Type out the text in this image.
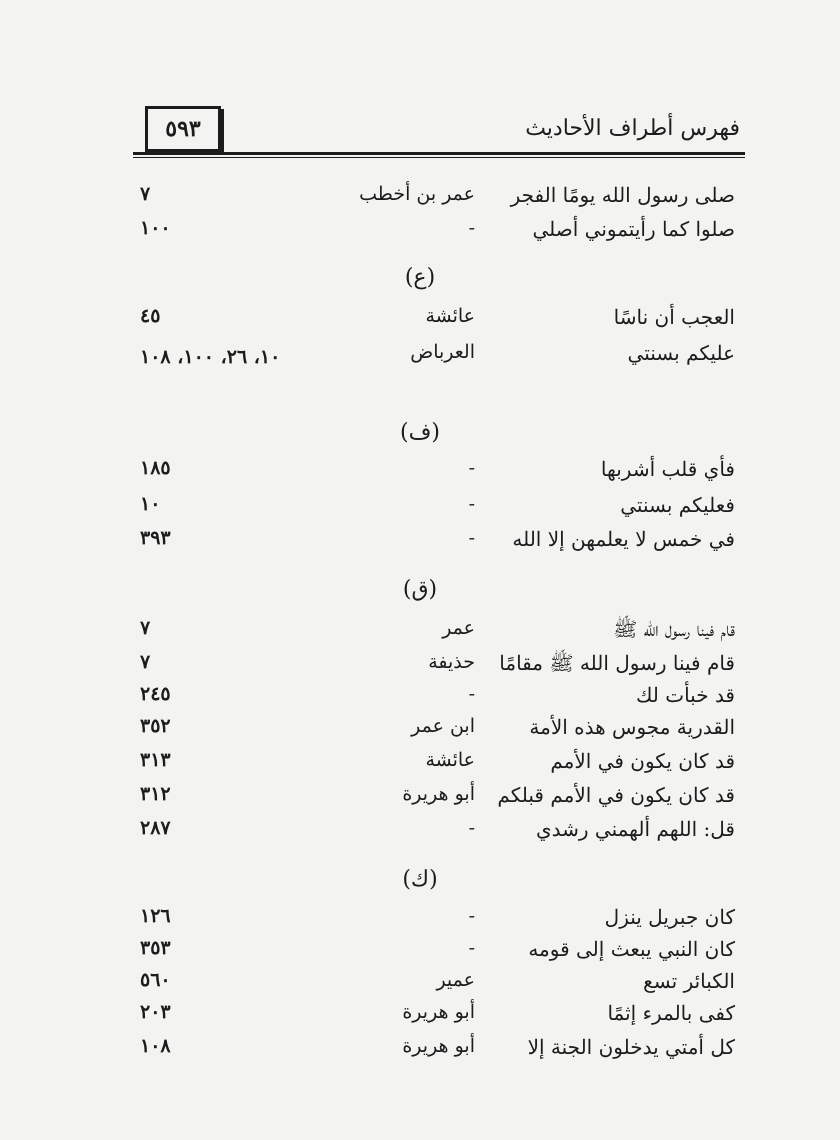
٥٩٣	فهرس أطراف الأحاديث
صلى رسول الله يومًا الفجر
عمر بن أخطب
٧
صلوا كما رأيتموني أصلي
-
١٠٠
(ع)
العجب أن ناسًا
عائشة
٤٥
عليكم بسنتي
العرباض
١٠، ٢٦، ١٠٠، ١٠٨
(ف)
فأي قلب أشربها
-
١٨٥
فعليكم بسنتي
-
١٠
في خمس لا يعلمهن إلا الله
-
٣٩٣
(ق)
قام فينا رسول الله ﷺ
عمر
٧
قام فينا رسول الله ﷺ مقامًا
حذيفة
٧
قد خبأت لك
-
٢٤٥
القدرية مجوس هذه الأمة
ابن عمر
٣٥٢
قد كان يكون في الأمم
عائشة
٣١٣
قد كان يكون في الأمم قبلكم
أبو هريرة
٣١٢
قل: اللهم ألهمني رشدي
-
٢٨٧
(ك)
كان جبريل ينزل
-
١٢٦
كان النبي يبعث إلى قومه
-
٣٥٣
الكبائر تسع
عمير
٥٦٠
كفى بالمرء إثمًا
أبو هريرة
٢٠٣
كل أمتي يدخلون الجنة إلا
أبو هريرة
١٠٨
